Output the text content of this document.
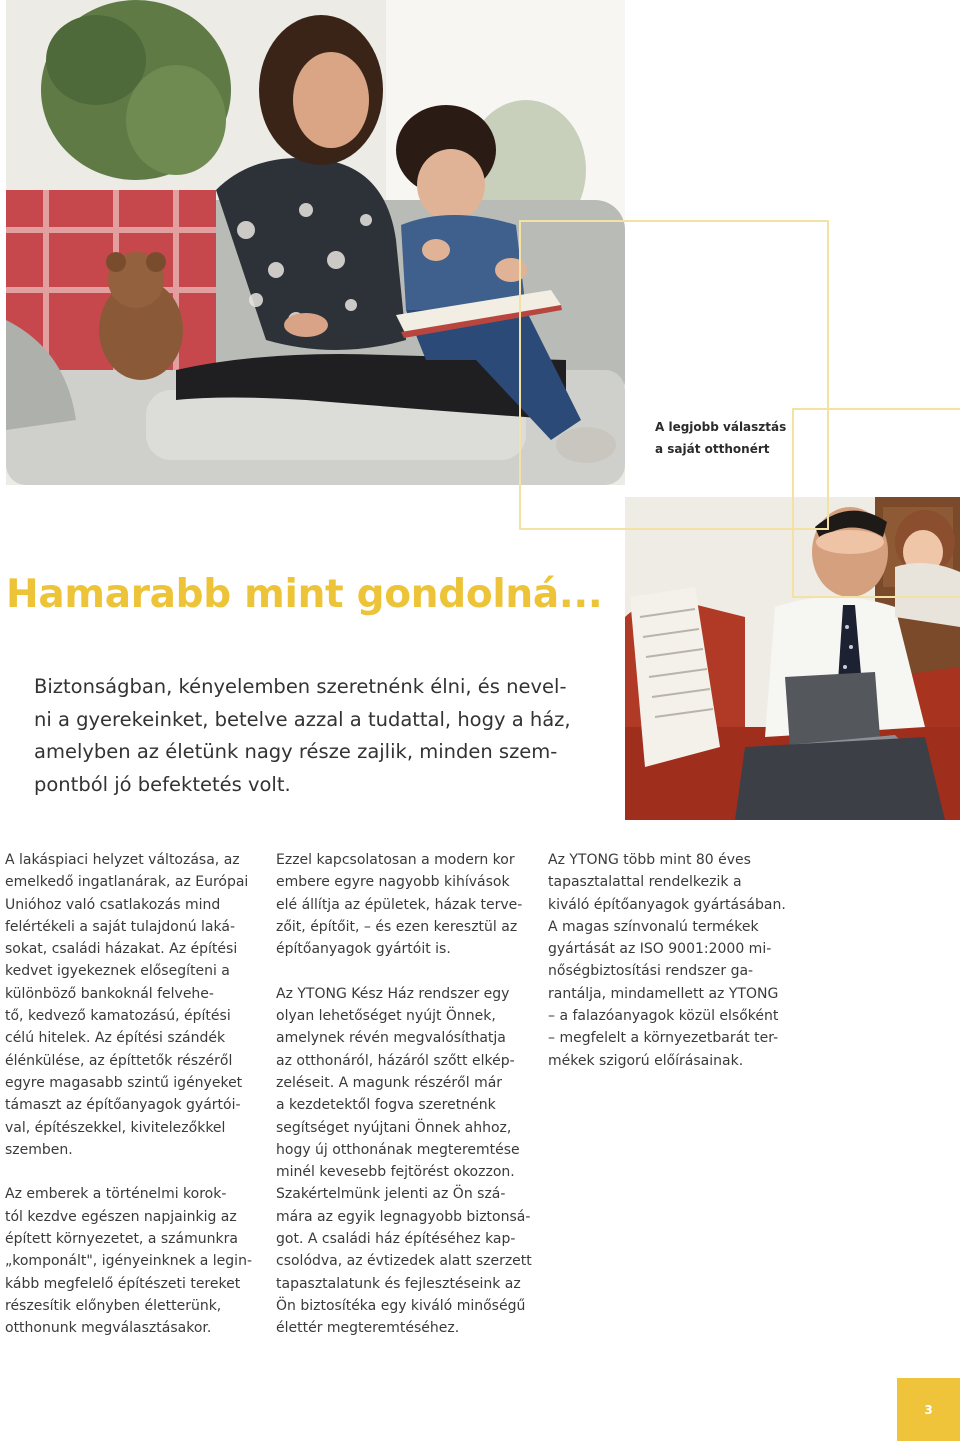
A legjobb választás
a saját otthonért
Hamarabb mint gondolná...
Biztonságban, kényelemben szeretnénk élni, és nevel-
ni a gyerekeinket, betelve azzal a tudattal, hogy a ház,
amelyben az életünk nagy része zajlik, minden szem-
pontból jó befektetés volt.

A lakáspiaci helyzet változása, az
emelkedő ingatlanárak, az Európai
Unióhoz való csatlakozás mind
felértékeli a saját tulajdonú laká-
sokat, családi házakat. Az építési
kedvet igyekeznek elősegíteni a
különböző bankoknál felvehe-
tő, kedvező kamatozású, építési
célú hitelek. Az építési szándék
élénkülése, az építtetők részéről
egyre magasabb szintű igényeket
támaszt az építőanyagok gyártói-
val, építészekkel, kivitelezőkkel
szemben.

Az emberek a történelmi korok-
tól kezdve egészen napjainkig az
épített környezetet, a számunkra
„komponált", igényeinknek a legin-
kább megfelelő építészeti tereket
részesítik előnyben életterünk,
otthonunk megválasztásakor.

Ezzel kapcsolatosan a modern kor
embere egyre nagyobb kihívások
elé állítja az épületek, házak terve-
zőit, építőit, – és ezen keresztül az
építőanyagok gyártóit is.

Az YTONG Kész Ház rendszer egy
olyan lehetőséget nyújt Önnek,
amelynek révén megvalósíthatja
az otthonáról, házáról szőtt elkép-
zeléseit. A magunk részéről már
a kezdetektől fogva szeretnénk
segítséget nyújtani Önnek ahhoz,
hogy új otthonának megteremtése
minél kevesebb fejtörést okozzon.
Szakértelmünk jelenti az Ön szá-
mára az egyik legnagyobb biztonsá-
got. A családi ház építéséhez kap-
csolódva, az évtizedek alatt szerzett
tapasztalatunk és fejlesztéseink az
Ön biztosítéka egy kiváló minőségű
élettér megteremtéséhez.

Az YTONG több mint 80 éves
tapasztalattal rendelkezik a
kiváló építőanyagok gyártásában.
A magas színvonalú termékek
gyártását az ISO 9001:2000 mi-
nőségbiztosítási rendszer ga-
rantálja, mindamellett az YTONG
– a falazóanyagok közül elsőként
– megfelelt a környezetbarát ter-
mékek szigorú előírásainak.

3
